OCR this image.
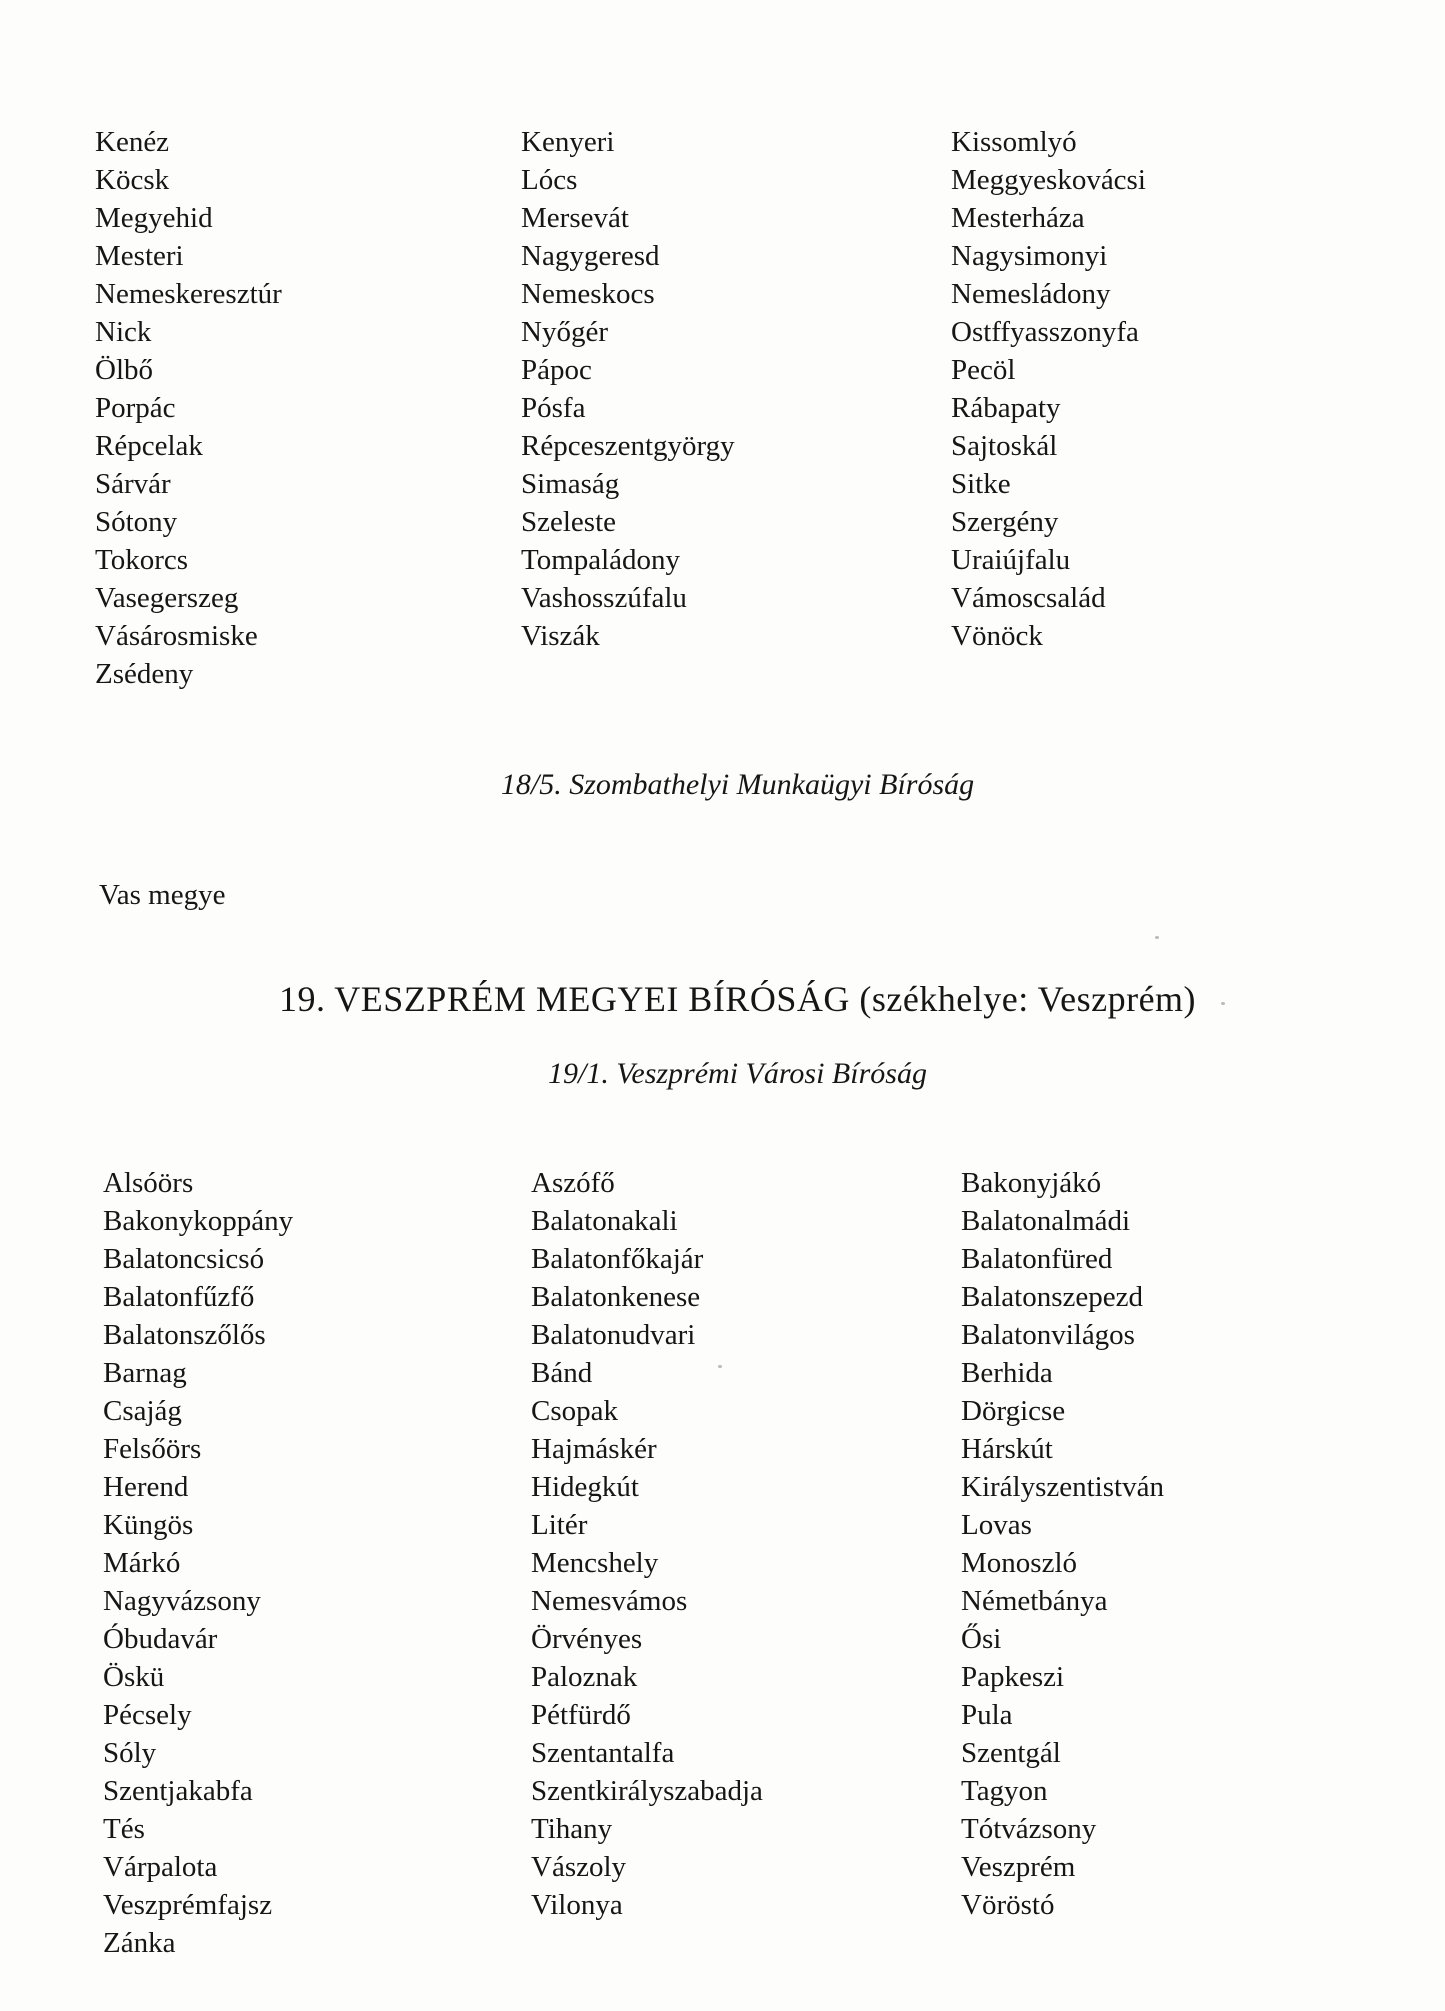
Kenéz
Köcsk
Megyehid
Mesteri
Nemeskeresztúr
Nick
Ölbő
Porpác
Répcelak
Sárvár
Sótony
Tokorcs
Vasegerszeg
Vásárosmiske
Zsédeny
Kenyeri
Lócs
Mersevát
Nagygeresd
Nemeskocs
Nyőgér
Pápoc
Pósfa
Répceszentgyörgy
Simaság
Szeleste
Tompaládony
Vashosszúfalu
Viszák
Kissomlyó
Meggyeskovácsi
Mesterháza
Nagysimonyi
Nemesládony
Ostffyasszonyfa
Pecöl
Rábapaty
Sajtoskál
Sitke
Szergény
Uraiújfalu
Vámoscsalád
Vönöck
18/5. Szombathelyi Munkaügyi Bíróság
Vas megye
19. VESZPRÉM MEGYEI BÍRÓSÁG (székhelye: Veszprém)
19/1. Veszprémi Városi Bíróság
Alsóörs
Bakonykoppány
Balatoncsicsó
Balatonfűzfő
Balatonszőlős
Barnag
Csajág
Felsőörs
Herend
Küngös
Márkó
Nagyvázsony
Óbudavár
Öskü
Pécsely
Sóly
Szentjakabfa
Tés
Várpalota
Veszprémfajsz
Zánka
Aszófő
Balatonakali
Balatonfőkajár
Balatonkenese
Balatonudvari
Bánd
Csopak
Hajmáskér
Hidegkút
Litér
Mencshely
Nemesvámos
Örvényes
Paloznak
Pétfürdő
Szentantalfa
Szentkirályszabadja
Tihany
Vászoly
Vilonya
Bakonyjákó
Balatonalmádi
Balatonfüred
Balatonszepezd
Balatonvilágos
Berhida
Dörgicse
Hárskút
Királyszentistván
Lovas
Monoszló
Németbánya
Ősi
Papkeszi
Pula
Szentgál
Tagyon
Tótvázsony
Veszprém
Vöröstó
